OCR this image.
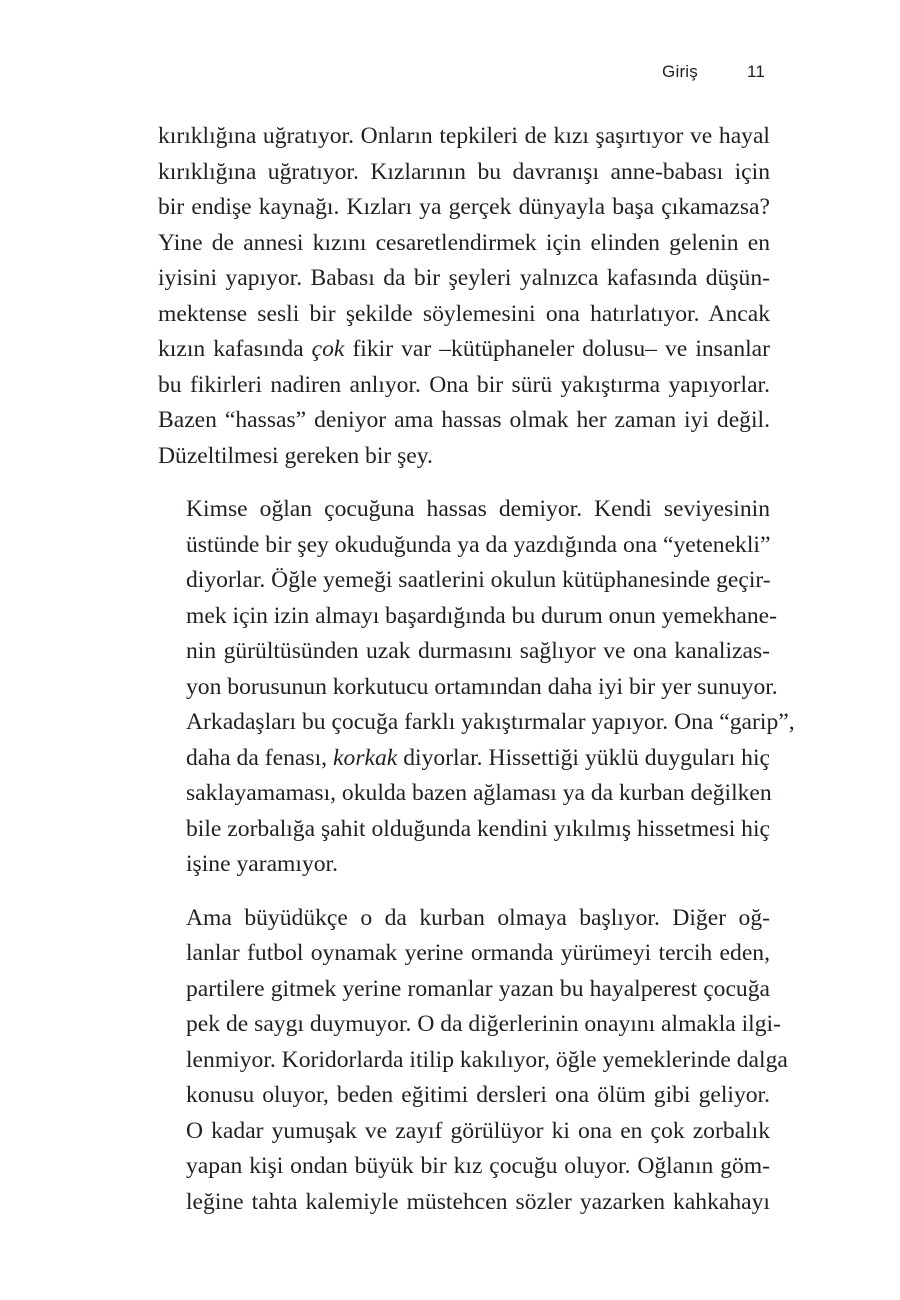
Giriş	11

kırıklığına uğratıyor. Onların tepkileri de kızı şaşırtıyor ve hayal
kırıklığına uğratıyor. Kızlarının bu davranışı anne-babası için
bir endişe kaynağı. Kızları ya gerçek dünyayla başa çıkamazsa?
Yine de annesi kızını cesaretlendirmek için elinden gelenin en
iyisini yapıyor. Babası da bir şeyleri yalnızca kafasında düşün-
mektense sesli bir şekilde söylemesini ona hatırlatıyor. Ancak
kızın kafasında çok fikir var –kütüphaneler dolusu– ve insanlar
bu fikirleri nadiren anlıyor. Ona bir sürü yakıştırma yapıyorlar.
Bazen “hassas” deniyor ama hassas olmak her zaman iyi değil.
Düzeltilmesi gereken bir şey.

Kimse oğlan çocuğuna hassas demiyor. Kendi seviyesinin
üstünde bir şey okuduğunda ya da yazdığında ona “yetenekli”
diyorlar. Öğle yemeği saatlerini okulun kütüphanesinde geçir-
mek için izin almayı başardığında bu durum onun yemekhane-
nin gürültüsünden uzak durmasını sağlıyor ve ona kanalizas-
yon borusunun korkutucu ortamından daha iyi bir yer sunuyor.
Arkadaşları bu çocuğa farklı yakıştırmalar yapıyor. Ona “garip”,
daha da fenası, korkak diyorlar. Hissettiği yüklü duyguları hiç
saklayamaması, okulda bazen ağlaması ya da kurban değilken
bile zorbalığa şahit olduğunda kendini yıkılmış hissetmesi hiç
işine yaramıyor.

Ama büyüdükçe o da kurban olmaya başlıyor. Diğer oğ-
lanlar futbol oynamak yerine ormanda yürümeyi tercih eden,
partilere gitmek yerine romanlar yazan bu hayalperest çocuğa
pek de saygı duymuyor. O da diğerlerinin onayını almakla ilgi-
lenmiyor. Koridorlarda itilip kakılıyor, öğle yemeklerinde dalga
konusu oluyor, beden eğitimi dersleri ona ölüm gibi geliyor.
O kadar yumuşak ve zayıf görülüyor ki ona en çok zorbalık
yapan kişi ondan büyük bir kız çocuğu oluyor. Oğlanın göm-
leğine tahta kalemiyle müstehcen sözler yazarken kahkahayı
